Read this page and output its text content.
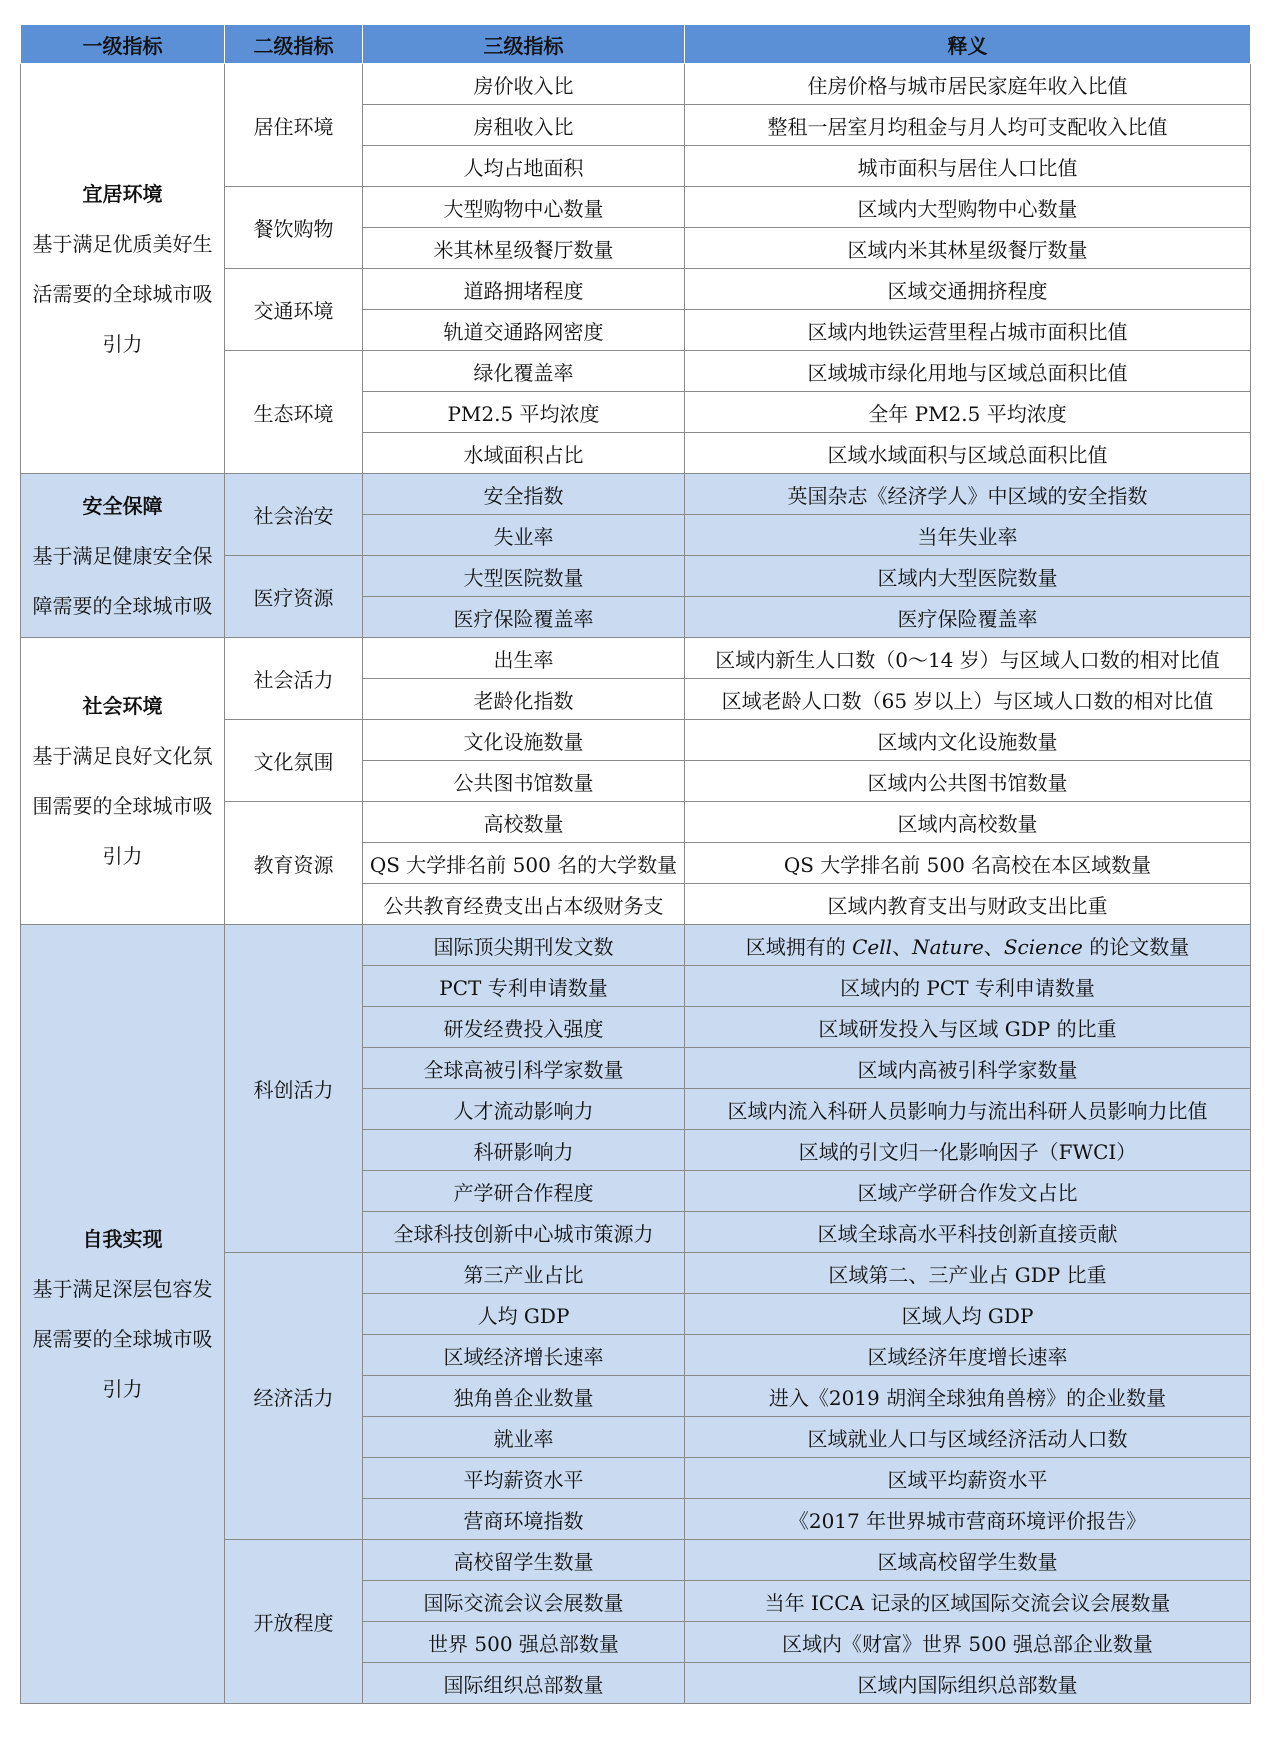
一级指标	二级指标	三级指标	释义

宜居环境
基于满足优质美好生
活需要的全球城市吸
引力	居住环境	房价收入比	住房价格与城市居民家庭年收入比值
		房租收入比	整租一居室月均租金与月人均可支配收入比值
		人均占地面积	城市面积与居住人口比值
	餐饮购物	大型购物中心数量	区域内大型购物中心数量
		米其林星级餐厅数量	区域内米其林星级餐厅数量
	交通环境	道路拥堵程度	区域交通拥挤程度
		轨道交通路网密度	区域内地铁运营里程占城市面积比值
	生态环境	绿化覆盖率	区域城市绿化用地与区域总面积比值
		PM2.5 平均浓度	全年 PM2.5 平均浓度
		水域面积占比	区域水域面积与区域总面积比值

安全保障
基于满足健康安全保
障需要的全球城市吸	社会治安	安全指数	英国杂志《经济学人》中区域的安全指数
		失业率	当年失业率
	医疗资源	大型医院数量	区域内大型医院数量
		医疗保险覆盖率	医疗保险覆盖率

社会环境
基于满足良好文化氛
围需要的全球城市吸
引力	社会活力	出生率	区域内新生人口数（0～14 岁）与区域人口数的相对比值
		老龄化指数	区域老龄人口数（65 岁以上）与区域人口数的相对比值
	文化氛围	文化设施数量	区域内文化设施数量
		公共图书馆数量	区域内公共图书馆数量
	教育资源	高校数量	区域内高校数量
		QS 大学排名前 500 名的大学数量	QS 大学排名前 500 名高校在本区域数量
		公共教育经费支出占本级财务支	区域内教育支出与财政支出比重

自我实现
基于满足深层包容发
展需要的全球城市吸
引力	科创活力	国际顶尖期刊发文数	区域拥有的 Cell、Nature、Science 的论文数量
		PCT 专利申请数量	区域内的 PCT 专利申请数量
		研发经费投入强度	区域研发投入与区域 GDP 的比重
		全球高被引科学家数量	区域内高被引科学家数量
		人才流动影响力	区域内流入科研人员影响力与流出科研人员影响力比值
		科研影响力	区域的引文归一化影响因子（FWCI）
		产学研合作程度	区域产学研合作发文占比
		全球科技创新中心城市策源力	区域全球高水平科技创新直接贡献
	经济活力	第三产业占比	区域第二、三产业占 GDP 比重
		人均 GDP	区域人均 GDP
		区域经济增长速率	区域经济年度增长速率
		独角兽企业数量	进入《2019 胡润全球独角兽榜》的企业数量
		就业率	区域就业人口与区域经济活动人口数
		平均薪资水平	区域平均薪资水平
		营商环境指数	《2017 年世界城市营商环境评价报告》
	开放程度	高校留学生数量	区域高校留学生数量
		国际交流会议会展数量	当年 ICCA 记录的区域国际交流会议会展数量
		世界 500 强总部数量	区域内《财富》世界 500 强总部企业数量
		国际组织总部数量	区域内国际组织总部数量
